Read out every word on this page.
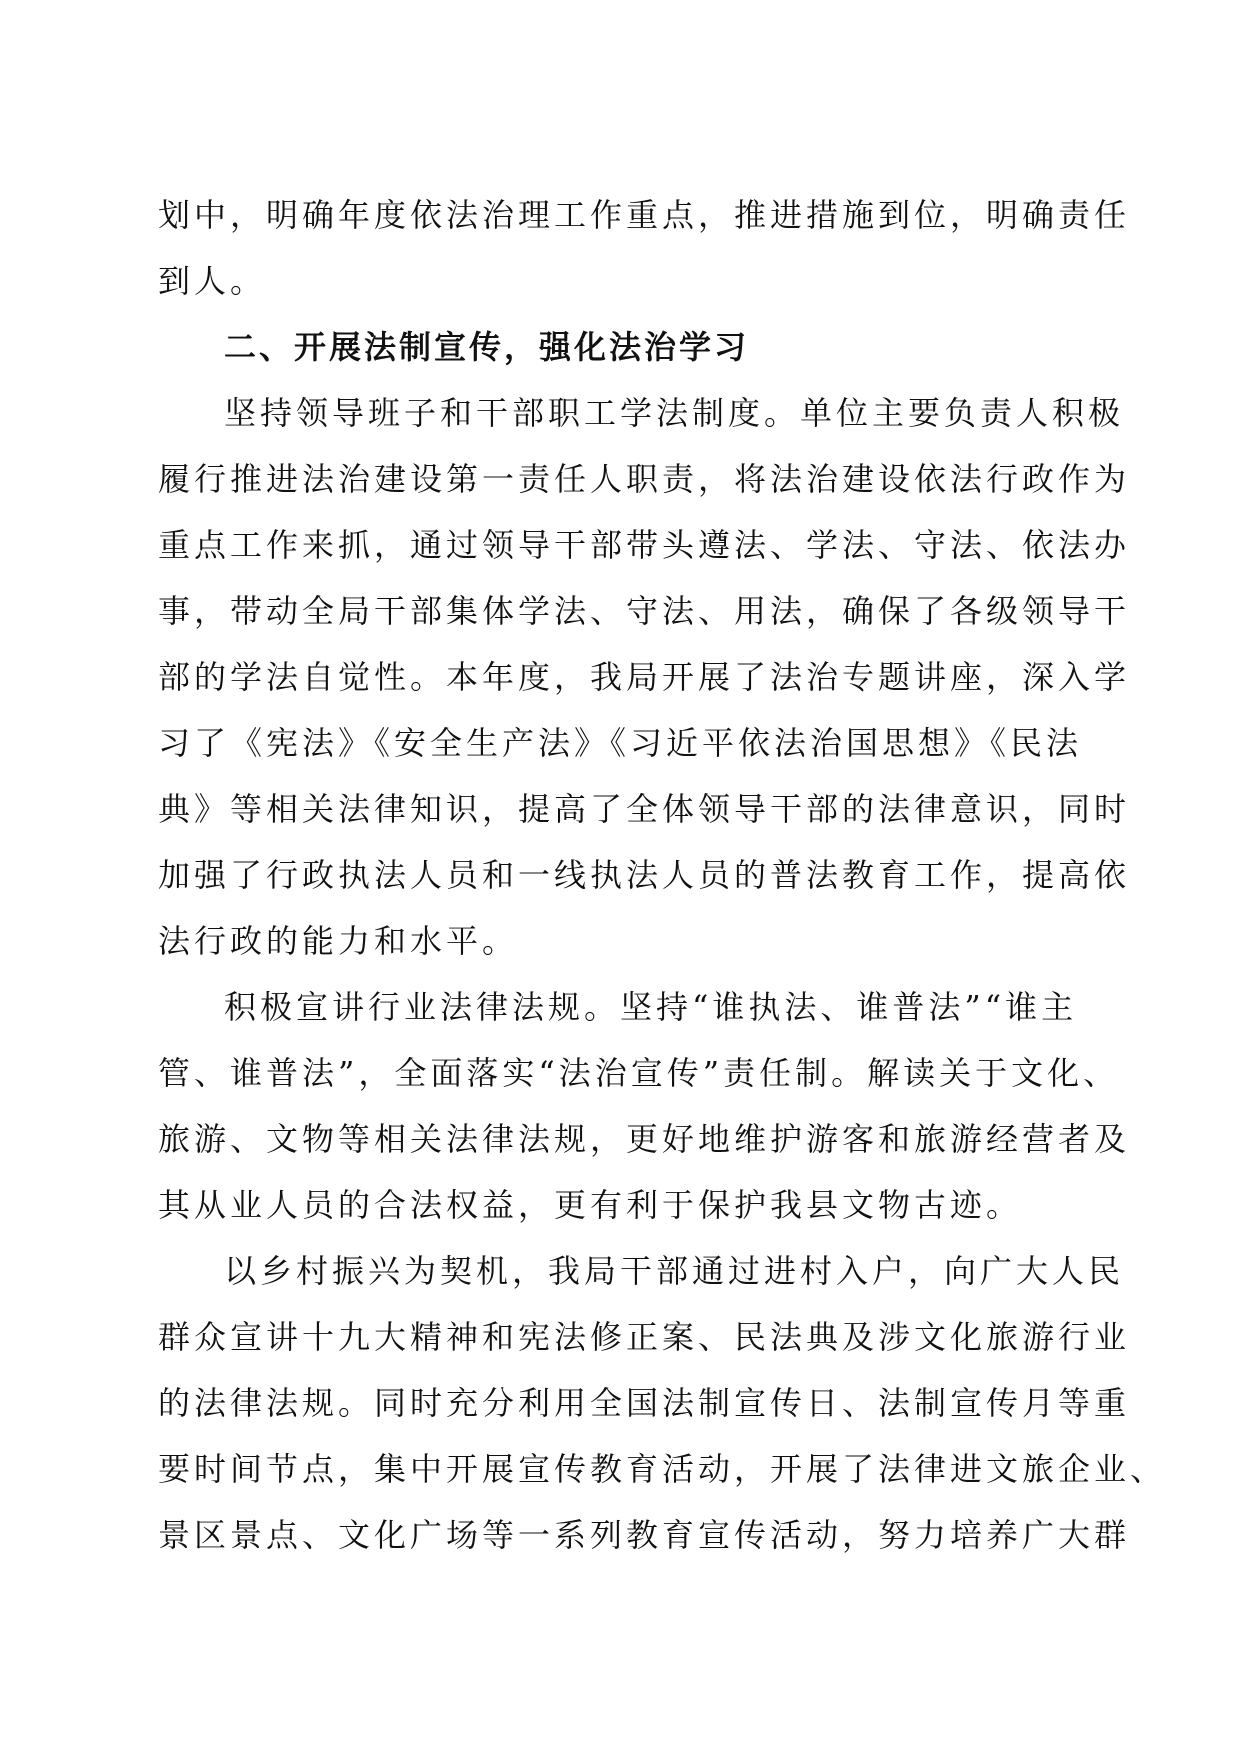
划中，明确年度依法治理工作重点，推进措施到位，明确责任
到人。
二、开展法制宣传，强化法治学习
坚持领导班子和干部职工学法制度。单位主要负责人积极
履行推进法治建设第一责任人职责，将法治建设依法行政作为
重点工作来抓，通过领导干部带头遵法、学法、守法、依法办
事，带动全局干部集体学法、守法、用法，确保了各级领导干
部的学法自觉性。本年度，我局开展了法治专题讲座，深入学
习了《宪法》《安全生产法》《习近平依法治国思想》《民法
典》等相关法律知识，提高了全体领导干部的法律意识，同时
加强了行政执法人员和一线执法人员的普法教育工作，提高依
法行政的能力和水平。
积极宣讲行业法律法规。坚持“谁执法、谁普法”“谁主
管、谁普法”，全面落实“法治宣传”责任制。解读关于文化、
旅游、文物等相关法律法规，更好地维护游客和旅游经营者及
其从业人员的合法权益，更有利于保护我县文物古迹。
以乡村振兴为契机，我局干部通过进村入户，向广大人民
群众宣讲十九大精神和宪法修正案、民法典及涉文化旅游行业
的法律法规。同时充分利用全国法制宣传日、法制宣传月等重
要时间节点，集中开展宣传教育活动，开展了法律进文旅企业、
景区景点、文化广场等一系列教育宣传活动，努力培养广大群
